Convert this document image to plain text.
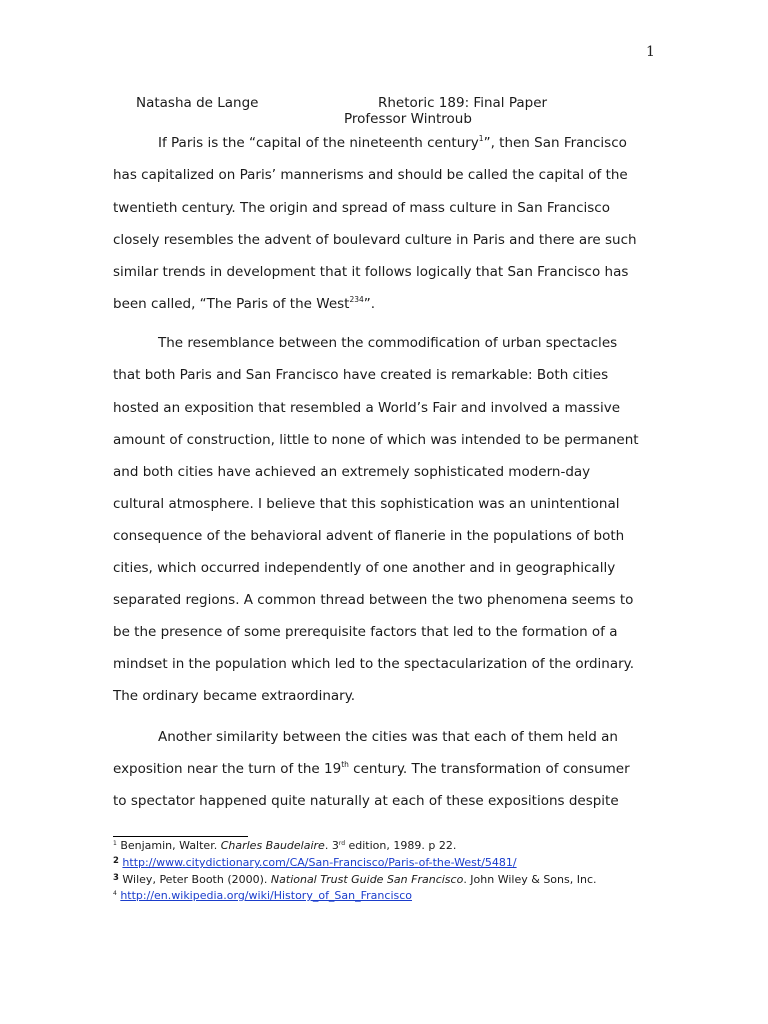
1
Natasha de Lange	Rhetoric 189: Final Paper
Professor Wintroub
If Paris is the “capital of the nineteenth century$^1$”, then San Francisco
has capitalized on Paris’ mannerisms and should be called the capital of the
twentieth century. The origin and spread of mass culture in San Francisco
closely resembles the advent of boulevard culture in Paris and there are such
similar trends in development that it follows logically that San Francisco has
been called, “The Paris of the West$^{234}$”.
The resemblance between the commodification of urban spectacles
that both Paris and San Francisco have created is remarkable: Both cities
hosted an exposition that resembled a World’s Fair and involved a massive
amount of construction, little to none of which was intended to be permanent
and both cities have achieved an extremely sophisticated modern-day
cultural atmosphere. I believe that this sophistication was an unintentional
consequence of the behavioral advent of flanerie in the populations of both
cities, which occurred independently of one another and in geographically
separated regions. A common thread between the two phenomena seems to
be the presence of some prerequisite factors that led to the formation of a
mindset in the population which led to the spectacularization of the ordinary.
The ordinary became extraordinary.
Another similarity between the cities was that each of them held an
exposition near the turn of the 19th century. The transformation of consumer
to spectator happened quite naturally at each of these expositions despite
$^1$ Benjamin, Walter. Charles Baudelaire. 3rd edition, 1989. p 22.
$^2$ http://www.citydictionary.com/CA/San-Francisco/Paris-of-the-West/5481/
$^3$ Wiley, Peter Booth (2000). National Trust Guide San Francisco. John Wiley & Sons, Inc.
$^4$ http://en.wikipedia.org/wiki/History_of_San_Francisco
